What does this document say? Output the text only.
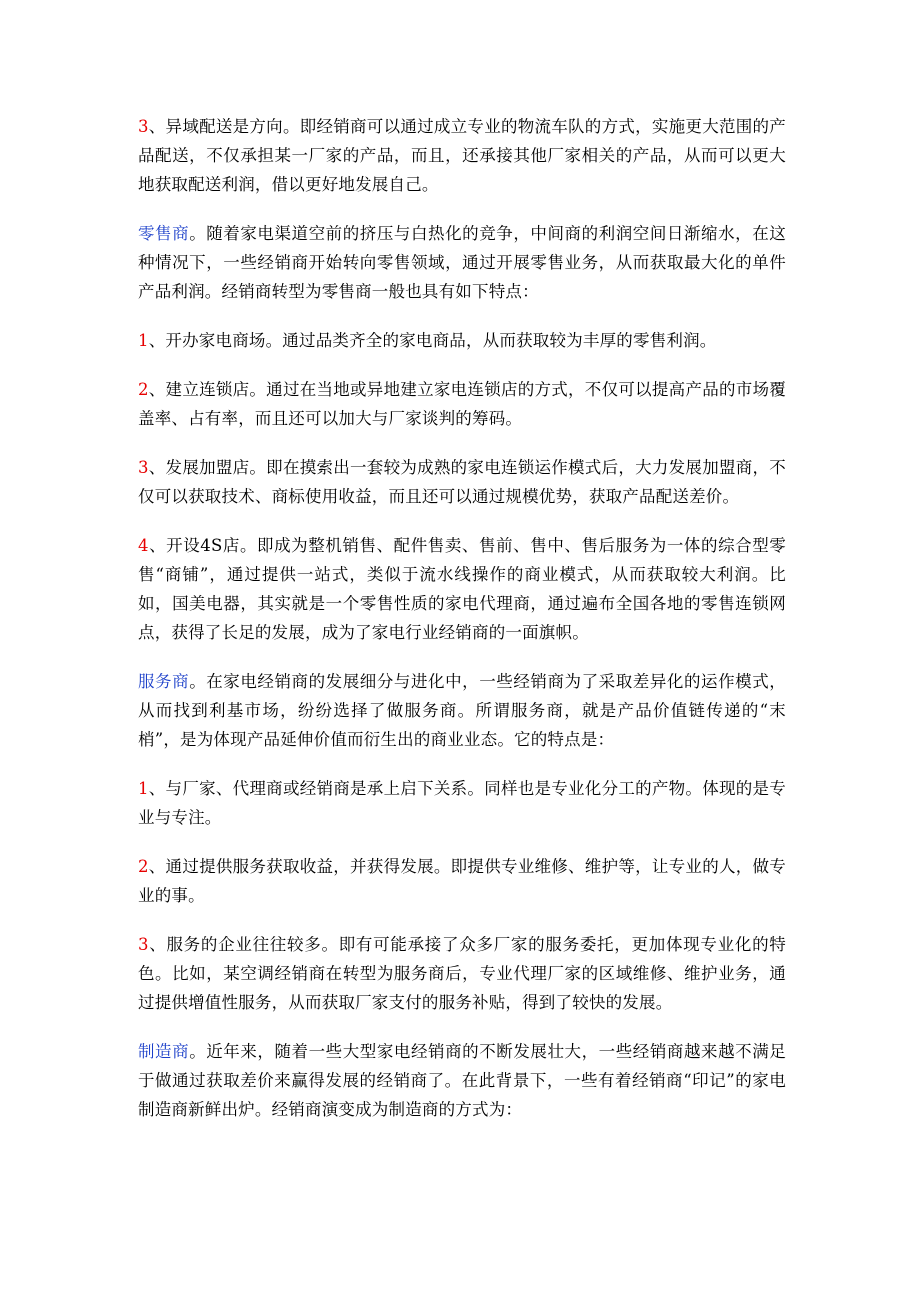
3、异域配送是方向。即经销商可以通过成立专业的物流车队的方式，实施更大范围的产品配送，不仅承担某一厂家的产品，而且，还承接其他厂家相关的产品，从而可以更大地获取配送利润，借以更好地发展自己。

零售商。随着家电渠道空前的挤压与白热化的竞争，中间商的利润空间日渐缩水，在这种情况下，一些经销商开始转向零售领域，通过开展零售业务，从而获取最大化的单件产品利润。经销商转型为零售商一般也具有如下特点：

1、开办家电商场。通过品类齐全的家电商品，从而获取较为丰厚的零售利润。

2、建立连锁店。通过在当地或异地建立家电连锁店的方式，不仅可以提高产品的市场覆盖率、占有率，而且还可以加大与厂家谈判的筹码。

3、发展加盟店。即在摸索出一套较为成熟的家电连锁运作模式后，大力发展加盟商，不仅可以获取技术、商标使用收益，而且还可以通过规模优势，获取产品配送差价。

4、开设4S店。即成为整机销售、配件售卖、售前、售中、售后服务为一体的综合型零售“商铺”，通过提供一站式，类似于流水线操作的商业模式，从而获取较大利润。比如，国美电器，其实就是一个零售性质的家电代理商，通过遍布全国各地的零售连锁网点，获得了长足的发展，成为了家电行业经销商的一面旗帜。

服务商。在家电经销商的发展细分与进化中，一些经销商为了采取差异化的运作模式，从而找到利基市场，纷纷选择了做服务商。所谓服务商，就是产品价值链传递的“末梢”，是为体现产品延伸价值而衍生出的商业业态。它的特点是：

1、与厂家、代理商或经销商是承上启下关系。同样也是专业化分工的产物。体现的是专业与专注。

2、通过提供服务获取收益，并获得发展。即提供专业维修、维护等，让专业的人，做专业的事。

3、服务的企业往往较多。即有可能承接了众多厂家的服务委托，更加体现专业化的特色。比如，某空调经销商在转型为服务商后，专业代理厂家的区域维修、维护业务，通过提供增值性服务，从而获取厂家支付的服务补贴，得到了较快的发展。

制造商。近年来，随着一些大型家电经销商的不断发展壮大，一些经销商越来越不满足于做通过获取差价来赢得发展的经销商了。在此背景下，一些有着经销商“印记”的家电制造商新鲜出炉。经销商演变成为制造商的方式为：
